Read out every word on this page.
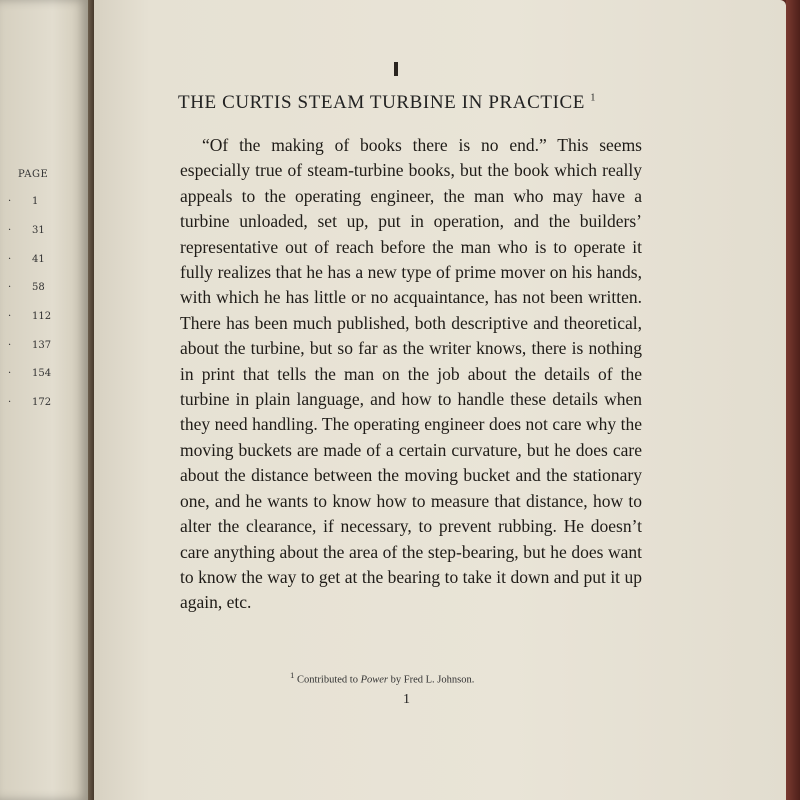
PAGE
· 1
· 31
· 41
· 58
· 112
· 137
· 154
· 172
THE CURTIS STEAM TURBINE IN PRACTICE $^1$
“Of the making of books there is no end.” This seems especially true of steam-turbine books, but the book which really appeals to the operating engineer, the man who may have a turbine unloaded, set up, put in operation, and the builders’ representative out of reach before the man who is to operate it fully realizes that he has a new type of prime mover on his hands, with which he has little or no acquaintance, has not been written. There has been much published, both descriptive and theoretical, about the turbine, but so far as the writer knows, there is nothing in print that tells the man on the job about the details of the turbine in plain language, and how to handle these details when they need handling. The operating engineer does not care why the moving buckets are made of a certain curvature, but he does care about the distance between the moving bucket and the stationary one, and he wants to know how to measure that distance, how to alter the clearance, if necessary, to prevent rubbing. He doesn’t care anything about the area of the step-bearing, but he does want to know the way to get at the bearing to take it down and put it up again, etc.
$^1$ Contributed to Power by Fred L. Johnson.
1
